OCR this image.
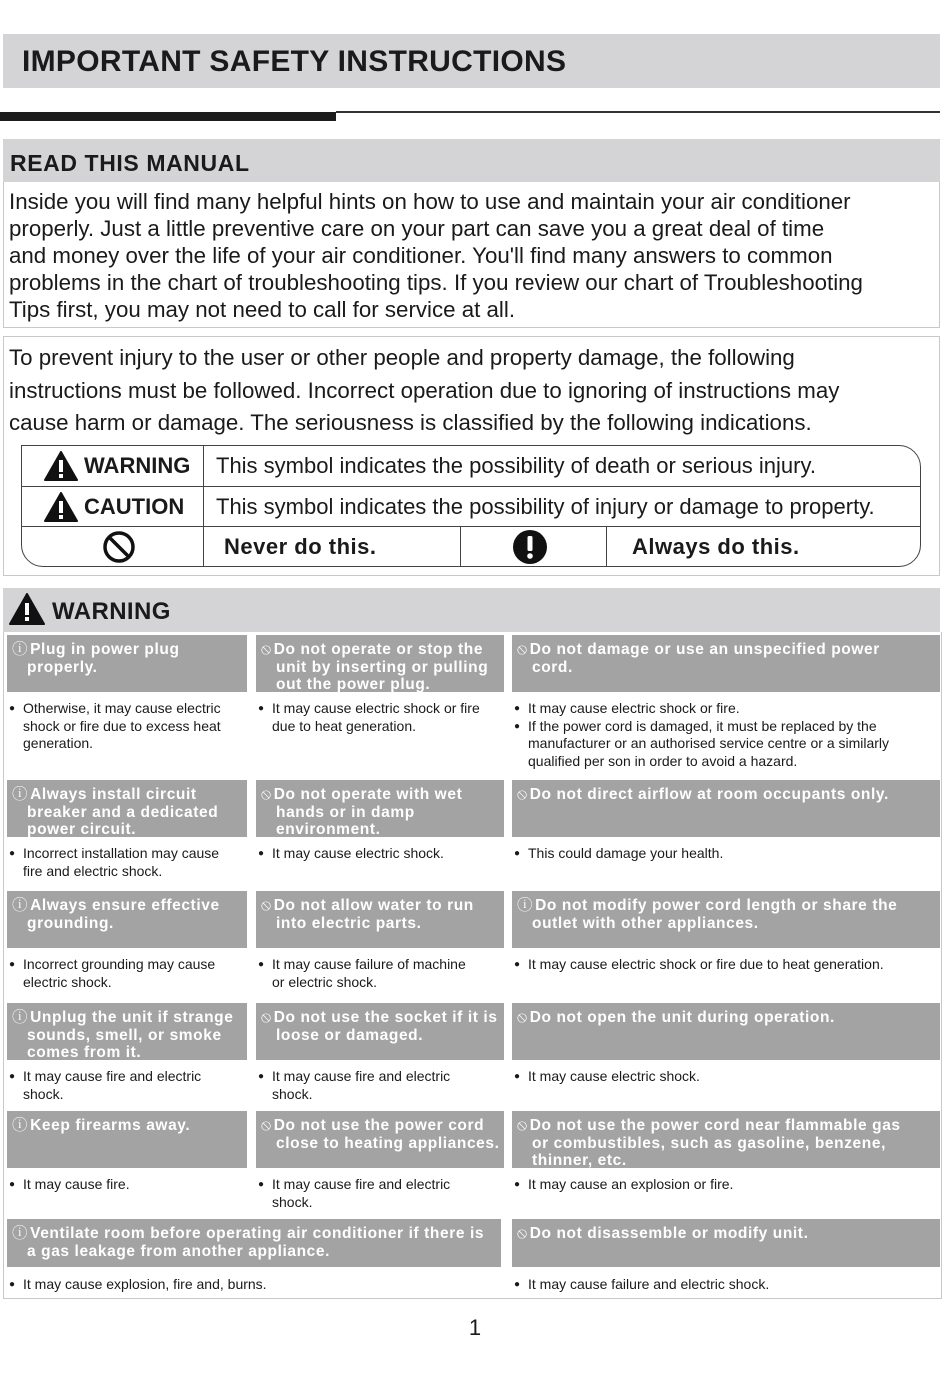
IMPORTANT SAFETY INSTRUCTIONS
READ THIS MANUAL
Inside you will find many helpful hints on how to use and maintain your air conditioner
properly. Just a little preventive care on your part can save you a great deal of time
and money over the life of your air conditioner. You'll find many answers to common
problems in the chart of troubleshooting tips. If you review our chart of Troubleshooting
Tips first, you may not need to call for service at all.
To prevent injury to the user or other people and property damage, the following
instructions must be followed. Incorrect operation due to ignoring of instructions may
cause harm or damage. The seriousness is classified by the following indications.
WARNING This symbol indicates the possibility of death or serious injury.
CAUTION This symbol indicates the possibility of injury or damage to property.
Never do this.	Always do this.
WARNING
ⓘ Plug in power plug
properly.
● Otherwise, it may cause electric
shock or fire due to excess heat
generation.
⦸ Do not operate or stop the
unit by inserting or pulling
out the power plug.
● It may cause electric shock or fire
due to heat generation.
⦸ Do not damage or use an unspecified power
cord.
● It may cause electric shock or fire.
● If the power cord is damaged, it must be replaced by the
manufacturer or an authorised service centre or a similarly
qualified per son in order to avoid a hazard.
ⓘ Always install circuit
breaker and a dedicated
power circuit.
● Incorrect installation may cause
fire and electric shock.
⦸ Do not operate with wet
hands or in damp
environment.
● It may cause electric shock.
⦸ Do not direct airflow at room occupants only.
● This could damage your health.
ⓘ Always ensure effective
grounding.
● Incorrect grounding may cause
electric shock.
⦸ Do not allow water to run
into electric parts.
● It may cause failure of machine
or electric shock.
ⓘ Do not modify power cord length or share the
outlet with other appliances.
● It may cause electric shock or fire due to heat generation.
ⓘ Unplug the unit if strange
sounds, smell, or smoke
comes from it.
● It may cause fire and electric
shock.
⦸ Do not use the socket if it is
loose or damaged.
● It may cause fire and electric
shock.
⦸ Do not open the unit during operation.
● It may cause electric shock.
ⓘ Keep firearms away.
● It may cause fire.
⦸ Do not use the power cord
close to heating appliances.
● It may cause fire and electric
shock.
⦸ Do not use the power cord near flammable gas
or combustibles, such as gasoline, benzene,
thinner, etc.
● It may cause an explosion or fire.
ⓘ Ventilate room before operating air conditioner if there is
a gas leakage from another appliance.
● It may cause explosion, fire and, burns.
⦸ Do not disassemble or modify unit.
● It may cause failure and electric shock.
1
